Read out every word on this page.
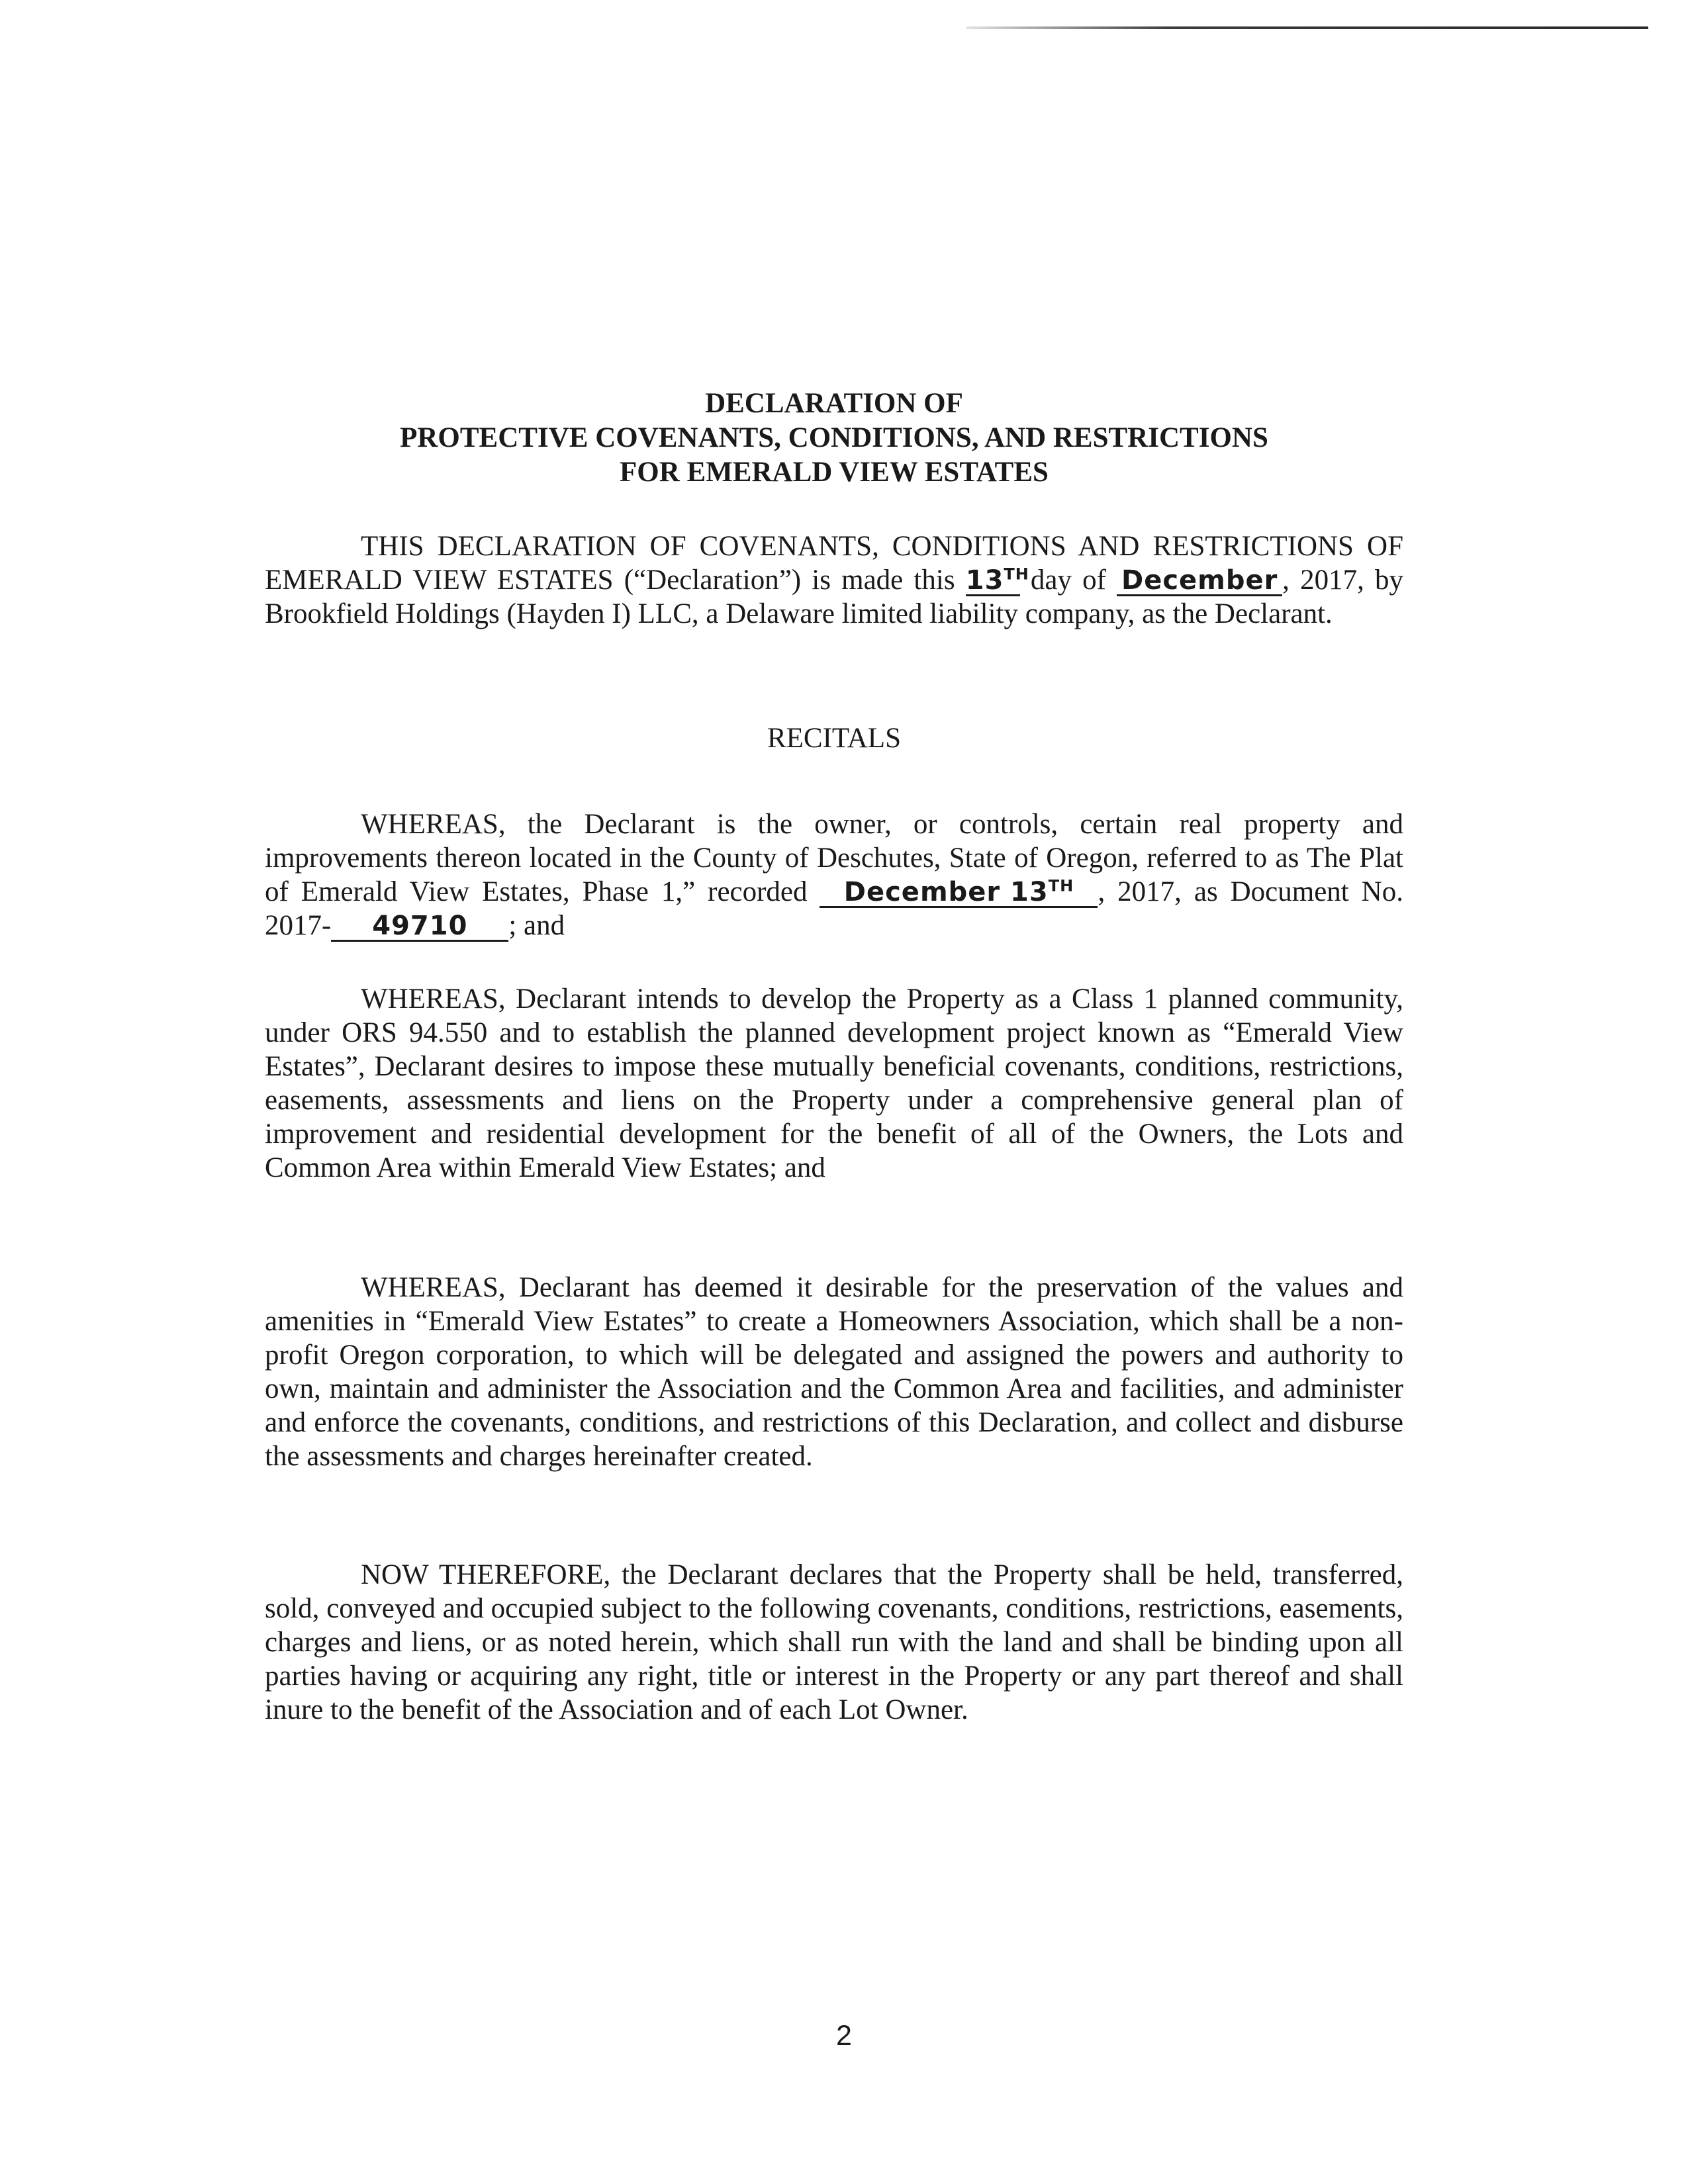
DECLARATION OF
PROTECTIVE COVENANTS, CONDITIONS, AND RESTRICTIONS
FOR EMERALD VIEW ESTATES

THIS DECLARATION OF COVENANTS, CONDITIONS AND RESTRICTIONS OF EMERALD VIEW ESTATES (“Declaration”) is made this 13TH day of December , 2017, by Brookfield Holdings (Hayden I) LLC, a Delaware limited liability company, as the Declarant.

RECITALS

WHEREAS, the Declarant is the owner, or controls, certain real property and improvements thereon located in the County of Deschutes, State of Oregon, referred to as The Plat of Emerald View Estates, Phase 1,” recorded December 13TH , 2017, as Document No. 2017- 49710 ; and

WHEREAS, Declarant intends to develop the Property as a Class 1 planned community, under ORS 94.550 and to establish the planned development project known as “Emerald View Estates”, Declarant desires to impose these mutually beneficial covenants, conditions, restrictions, easements, assessments and liens on the Property under a comprehensive general plan of improvement and residential development for the benefit of all of the Owners, the Lots and Common Area within Emerald View Estates; and

WHEREAS, Declarant has deemed it desirable for the preservation of the values and amenities in “Emerald View Estates” to create a Homeowners Association, which shall be a non-profit Oregon corporation, to which will be delegated and assigned the powers and authority to own, maintain and administer the Association and the Common Area and facilities, and administer and enforce the covenants, conditions, and restrictions of this Declaration, and collect and disburse the assessments and charges hereinafter created.

NOW THEREFORE, the Declarant declares that the Property shall be held, transferred, sold, conveyed and occupied subject to the following covenants, conditions, restrictions, easements, charges and liens, or as noted herein, which shall run with the land and shall be binding upon all parties having or acquiring any right, title or interest in the Property or any part thereof and shall inure to the benefit of the Association and of each Lot Owner.

2
